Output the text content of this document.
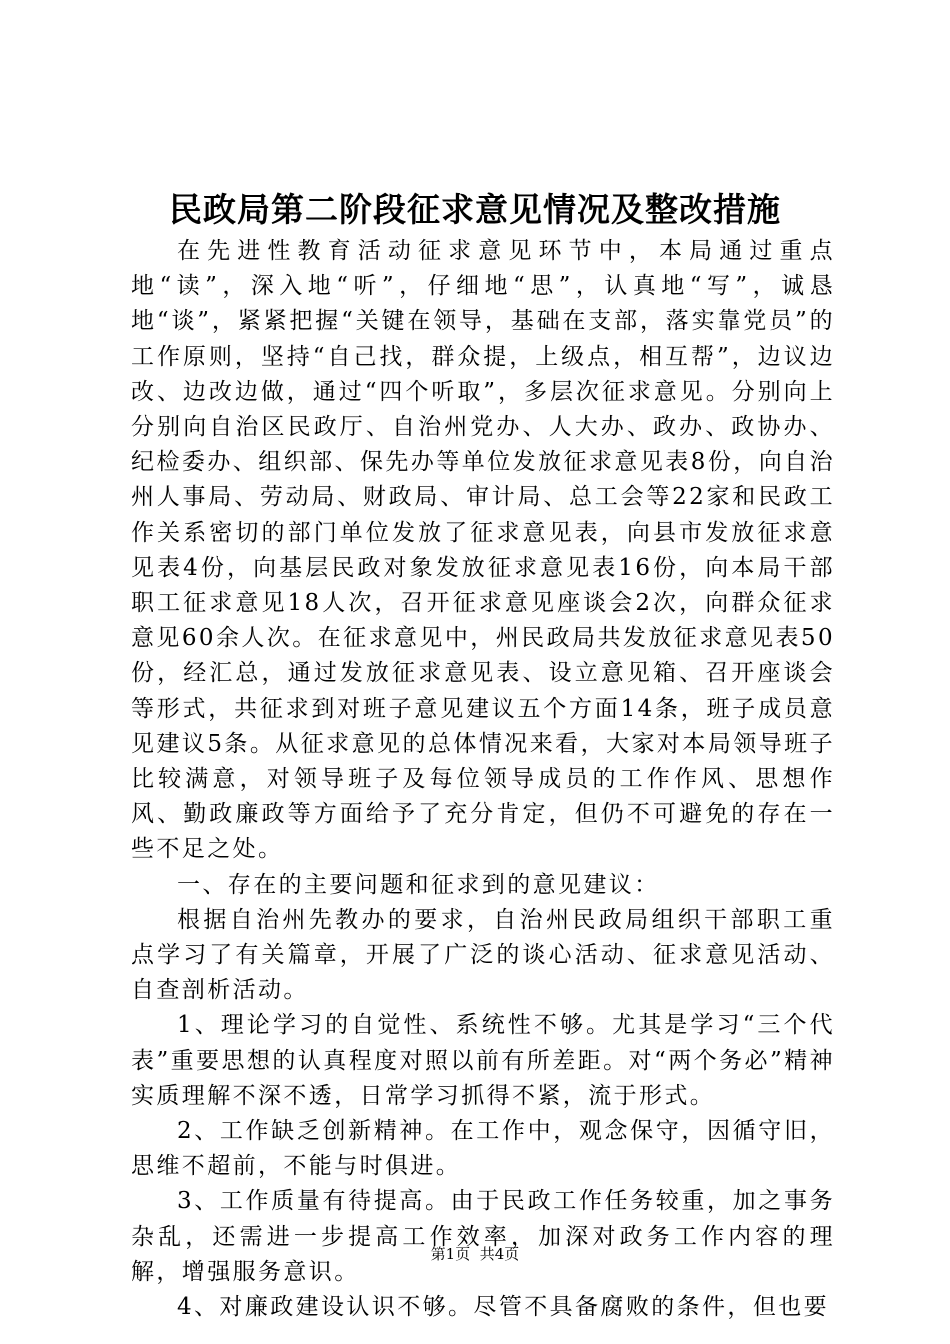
民政局第二阶段征求意见情况及整改措施

在先进性教育活动征求意见环节中，本局通过重点地“读”，深入地“听”，仔细地“思”，认真地“写”，诚恳地“谈”，紧紧把握“关键在领导，基础在支部，落实靠党员”的工作原则，坚持“自己找，群众提，上级点，相互帮”，边议边改、边改边做，通过“四个听取”，多层次征求意见。分别向上分别向自治区民政厅、自治州党办、人大办、政办、政协办、纪检委办、组织部、保先办等单位发放征求意见表8份，向自治州人事局、劳动局、财政局、审计局、总工会等22家和民政工作关系密切的部门单位发放了征求意见表，向县市发放征求意见表4份，向基层民政对象发放征求意见表16份，向本局干部职工征求意见18人次，召开征求意见座谈会2次，向群众征求意见60余人次。在征求意见中，州民政局共发放征求意见表50份，经汇总，通过发放征求意见表、设立意见箱、召开座谈会等形式，共征求到对班子意见建议五个方面14条，班子成员意见建议5条。从征求意见的总体情况来看，大家对本局领导班子比较满意，对领导班子及每位领导成员的工作作风、思想作风、勤政廉政等方面给予了充分肯定，但仍不可避免的存在一些不足之处。

一、存在的主要问题和征求到的意见建议：

根据自治州先教办的要求，自治州民政局组织干部职工重点学习了有关篇章，开展了广泛的谈心活动、征求意见活动、自查剖析活动。

1、理论学习的自觉性、系统性不够。尤其是学习“三个代表”重要思想的认真程度对照以前有所差距。对“两个务必”精神实质理解不深不透，日常学习抓得不紧，流于形式。

2、工作缺乏创新精神。在工作中，观念保守，因循守旧，思维不超前，不能与时俱进。

3、工作质量有待提高。由于民政工作任务较重，加之事务杂乱，还需进一步提高工作效率，加深对政务工作内容的理解，增强服务意识。

4、对廉政建设认识不够。尽管不具备腐败的条件，但也要

第1页 共4页
